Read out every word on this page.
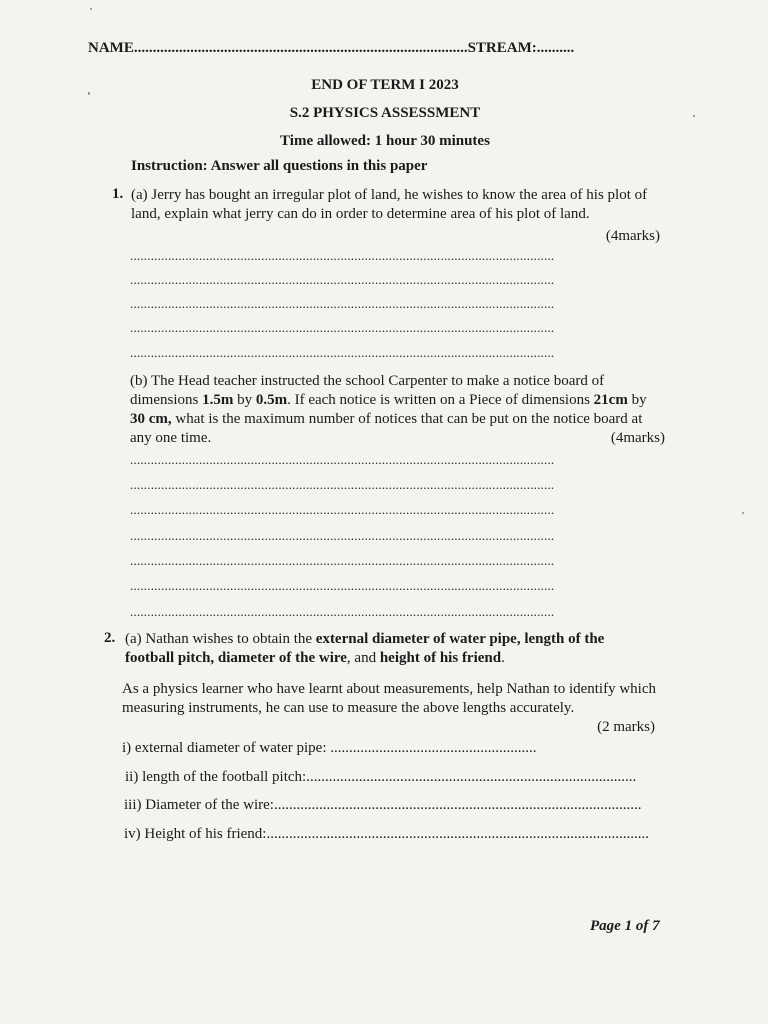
NAME.........................................................................................STREAM:..........
END OF TERM I 2023
S.2 PHYSICS ASSESSMENT
Time allowed: 1 hour 30 minutes
Instruction: Answer all questions in this paper
1. (a) Jerry has bought an irregular plot of land, he wishes to know the area of his plot of land, explain what jerry can do in order to determine area of his plot of land.
(4marks)
...........................................................................................................................
...........................................................................................................................
...........................................................................................................................
...........................................................................................................................
...........................................................................................................................
(b) The Head teacher instructed the school Carpenter to make a notice board of dimensions 1.5m by 0.5m. If each notice is written on a Piece of dimensions 21cm by 30 cm, what is the maximum number of notices that can be put on the notice board at any one time.	(4marks)
...........................................................................................................................
...........................................................................................................................
...........................................................................................................................
...........................................................................................................................
...........................................................................................................................
...........................................................................................................................
...........................................................................................................................
2. (a) Nathan wishes to obtain the external diameter of water pipe, length of the football pitch, diameter of the wire, and height of his friend.
As a physics learner who have learnt about measurements, help Nathan to identify which measuring instruments, he can use to measure the above lengths accurately.
(2 marks)
i) external diameter of water pipe: .......................................................
ii) length of the football pitch:........................................................................................
iii) Diameter of the wire:..................................................................................................
iv) Height of his friend:......................................................................................................
Page 1 of 7
